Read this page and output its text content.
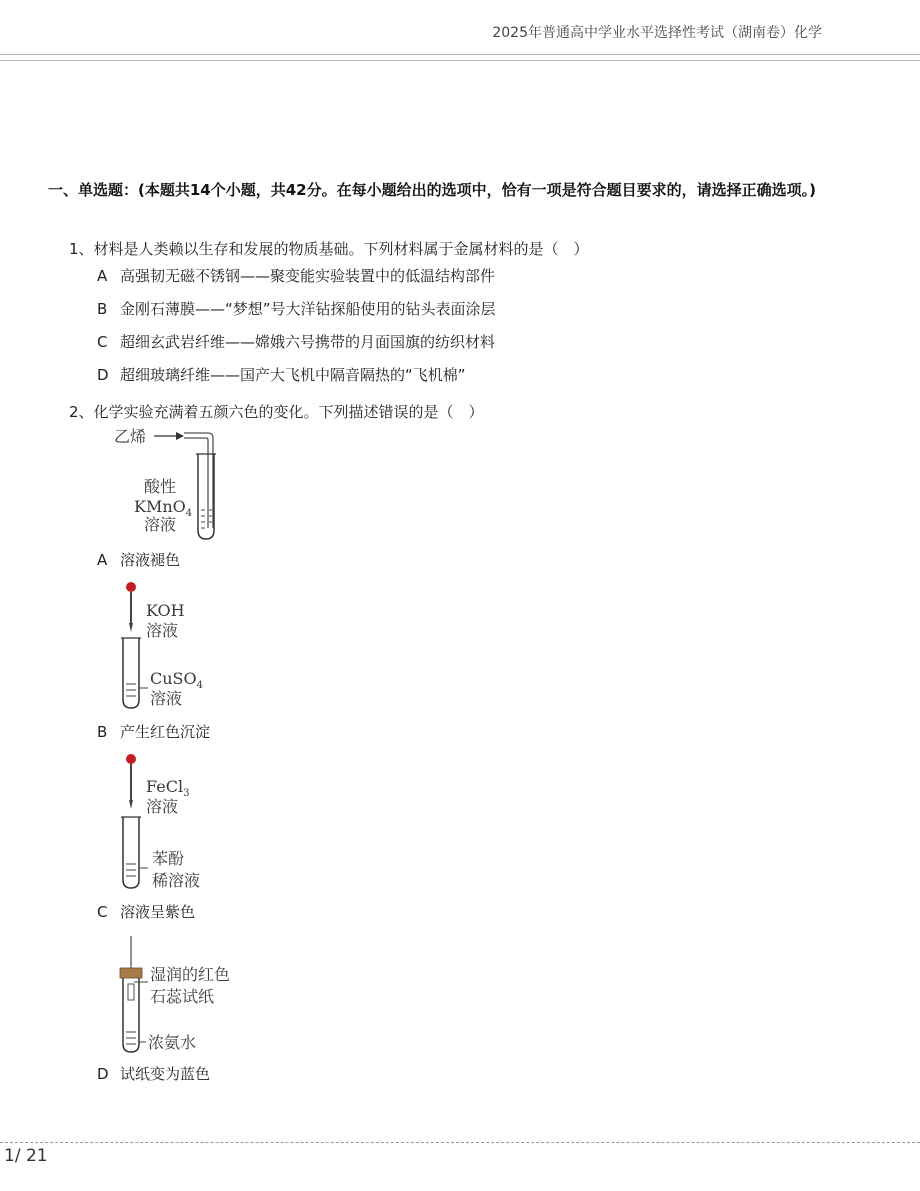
2025年普通高中学业水平选择性考试（湖南卷）化学
一、单选题：(本题共14个小题，共42分。在每小题给出的选项中，恰有一项是符合题目要求的，请选择正确选项。)
1、材料是人类赖以生存和发展的物质基础。下列材料属于金属材料的是（　）
A 高强韧无磁不锈钢——聚变能实验装置中的低温结构部件
B 金刚石薄膜——“梦想”号大洋钻探船使用的钻头表面涂层
C 超细玄武岩纤维——嫦娥六号携带的月面国旗的纺织材料
D 超细玻璃纤维——国产大飞机中隔音隔热的“飞机棉”
2、化学实验充满着五颜六色的变化。下列描述错误的是（　）
乙烯
酸性
KMnO$_4$
溶液
A 溶液褪色
KOH
溶液
CuSO$_4$
溶液
B 产生红色沉淀
FeCl$_3$
溶液
苯酚
稀溶液
C 溶液呈紫色
湿润的红色
石蕊试纸
浓氨水
D 试纸变为蓝色
1/ 21
